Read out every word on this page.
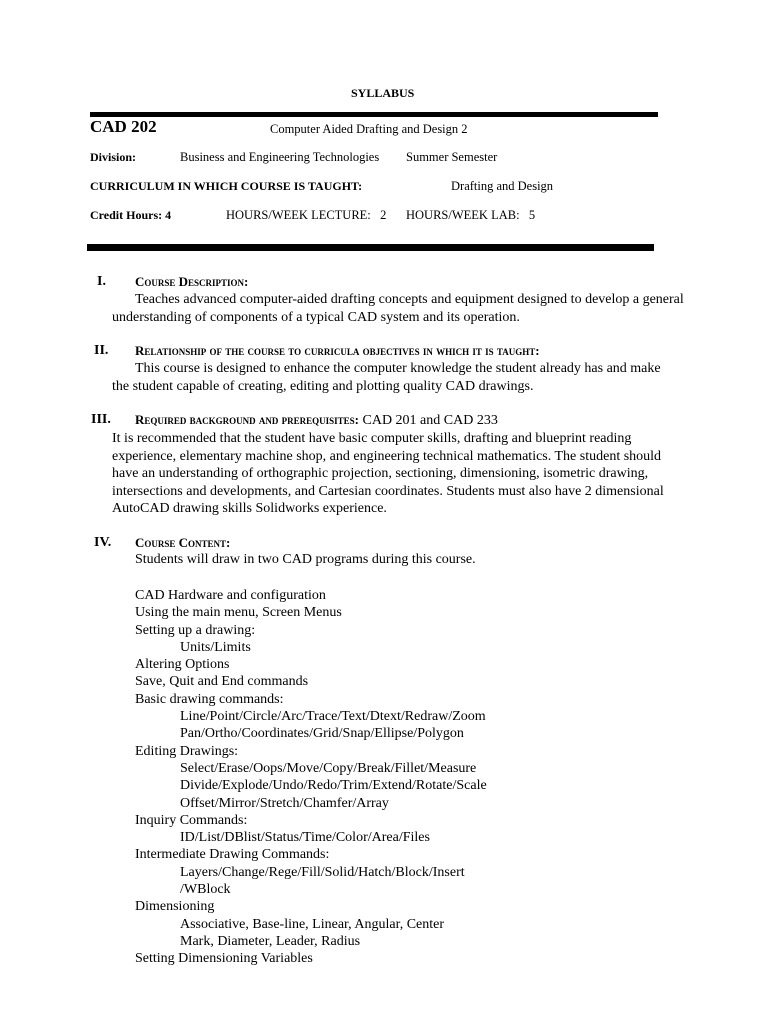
SYLLABUS
CAD 202	Computer Aided Drafting and Design 2
Division:	Business and Engineering Technologies Summer Semester
CURRICULUM IN WHICH COURSE IS TAUGHT:	Drafting and Design
Credit Hours: 4	HOURS/WEEK LECTURE:   2 HOURS/WEEK LAB:   5
I. Course Description:
Teaches advanced computer-aided drafting concepts and equipment designed to develop a general understanding of components of a typical CAD system and its operation.
II. Relationship of the course to curricula objectives in which it is taught:
This course is designed to enhance the computer knowledge the student already has and make the student capable of creating, editing and plotting quality CAD drawings.
III. Required background and prerequisites: CAD 201 and CAD 233
It is recommended that the student have basic computer skills, drafting and blueprint reading experience, elementary machine shop, and engineering technical mathematics. The student should have an understanding of orthographic projection, sectioning, dimensioning, isometric drawing, intersections and developments, and Cartesian coordinates. Students must also have 2 dimensional AutoCAD drawing skills Solidworks experience.
IV. Course Content:
Students will draw in two CAD programs during this course.
CAD Hardware and configuration
Using the main menu, Screen Menus
Setting up a drawing:
Units/Limits
Altering Options
Save, Quit and End commands
Basic drawing commands:
Line/Point/Circle/Arc/Trace/Text/Dtext/Redraw/Zoom
Pan/Ortho/Coordinates/Grid/Snap/Ellipse/Polygon
Editing Drawings:
Select/Erase/Oops/Move/Copy/Break/Fillet/Measure
Divide/Explode/Undo/Redo/Trim/Extend/Rotate/Scale
Offset/Mirror/Stretch/Chamfer/Array
Inquiry Commands:
ID/List/DBlist/Status/Time/Color/Area/Files
Intermediate Drawing Commands:
Layers/Change/Rege/Fill/Solid/Hatch/Block/Insert
/WBlock
Dimensioning
Associative, Base-line, Linear, Angular, Center
Mark, Diameter, Leader, Radius
Setting Dimensioning Variables
